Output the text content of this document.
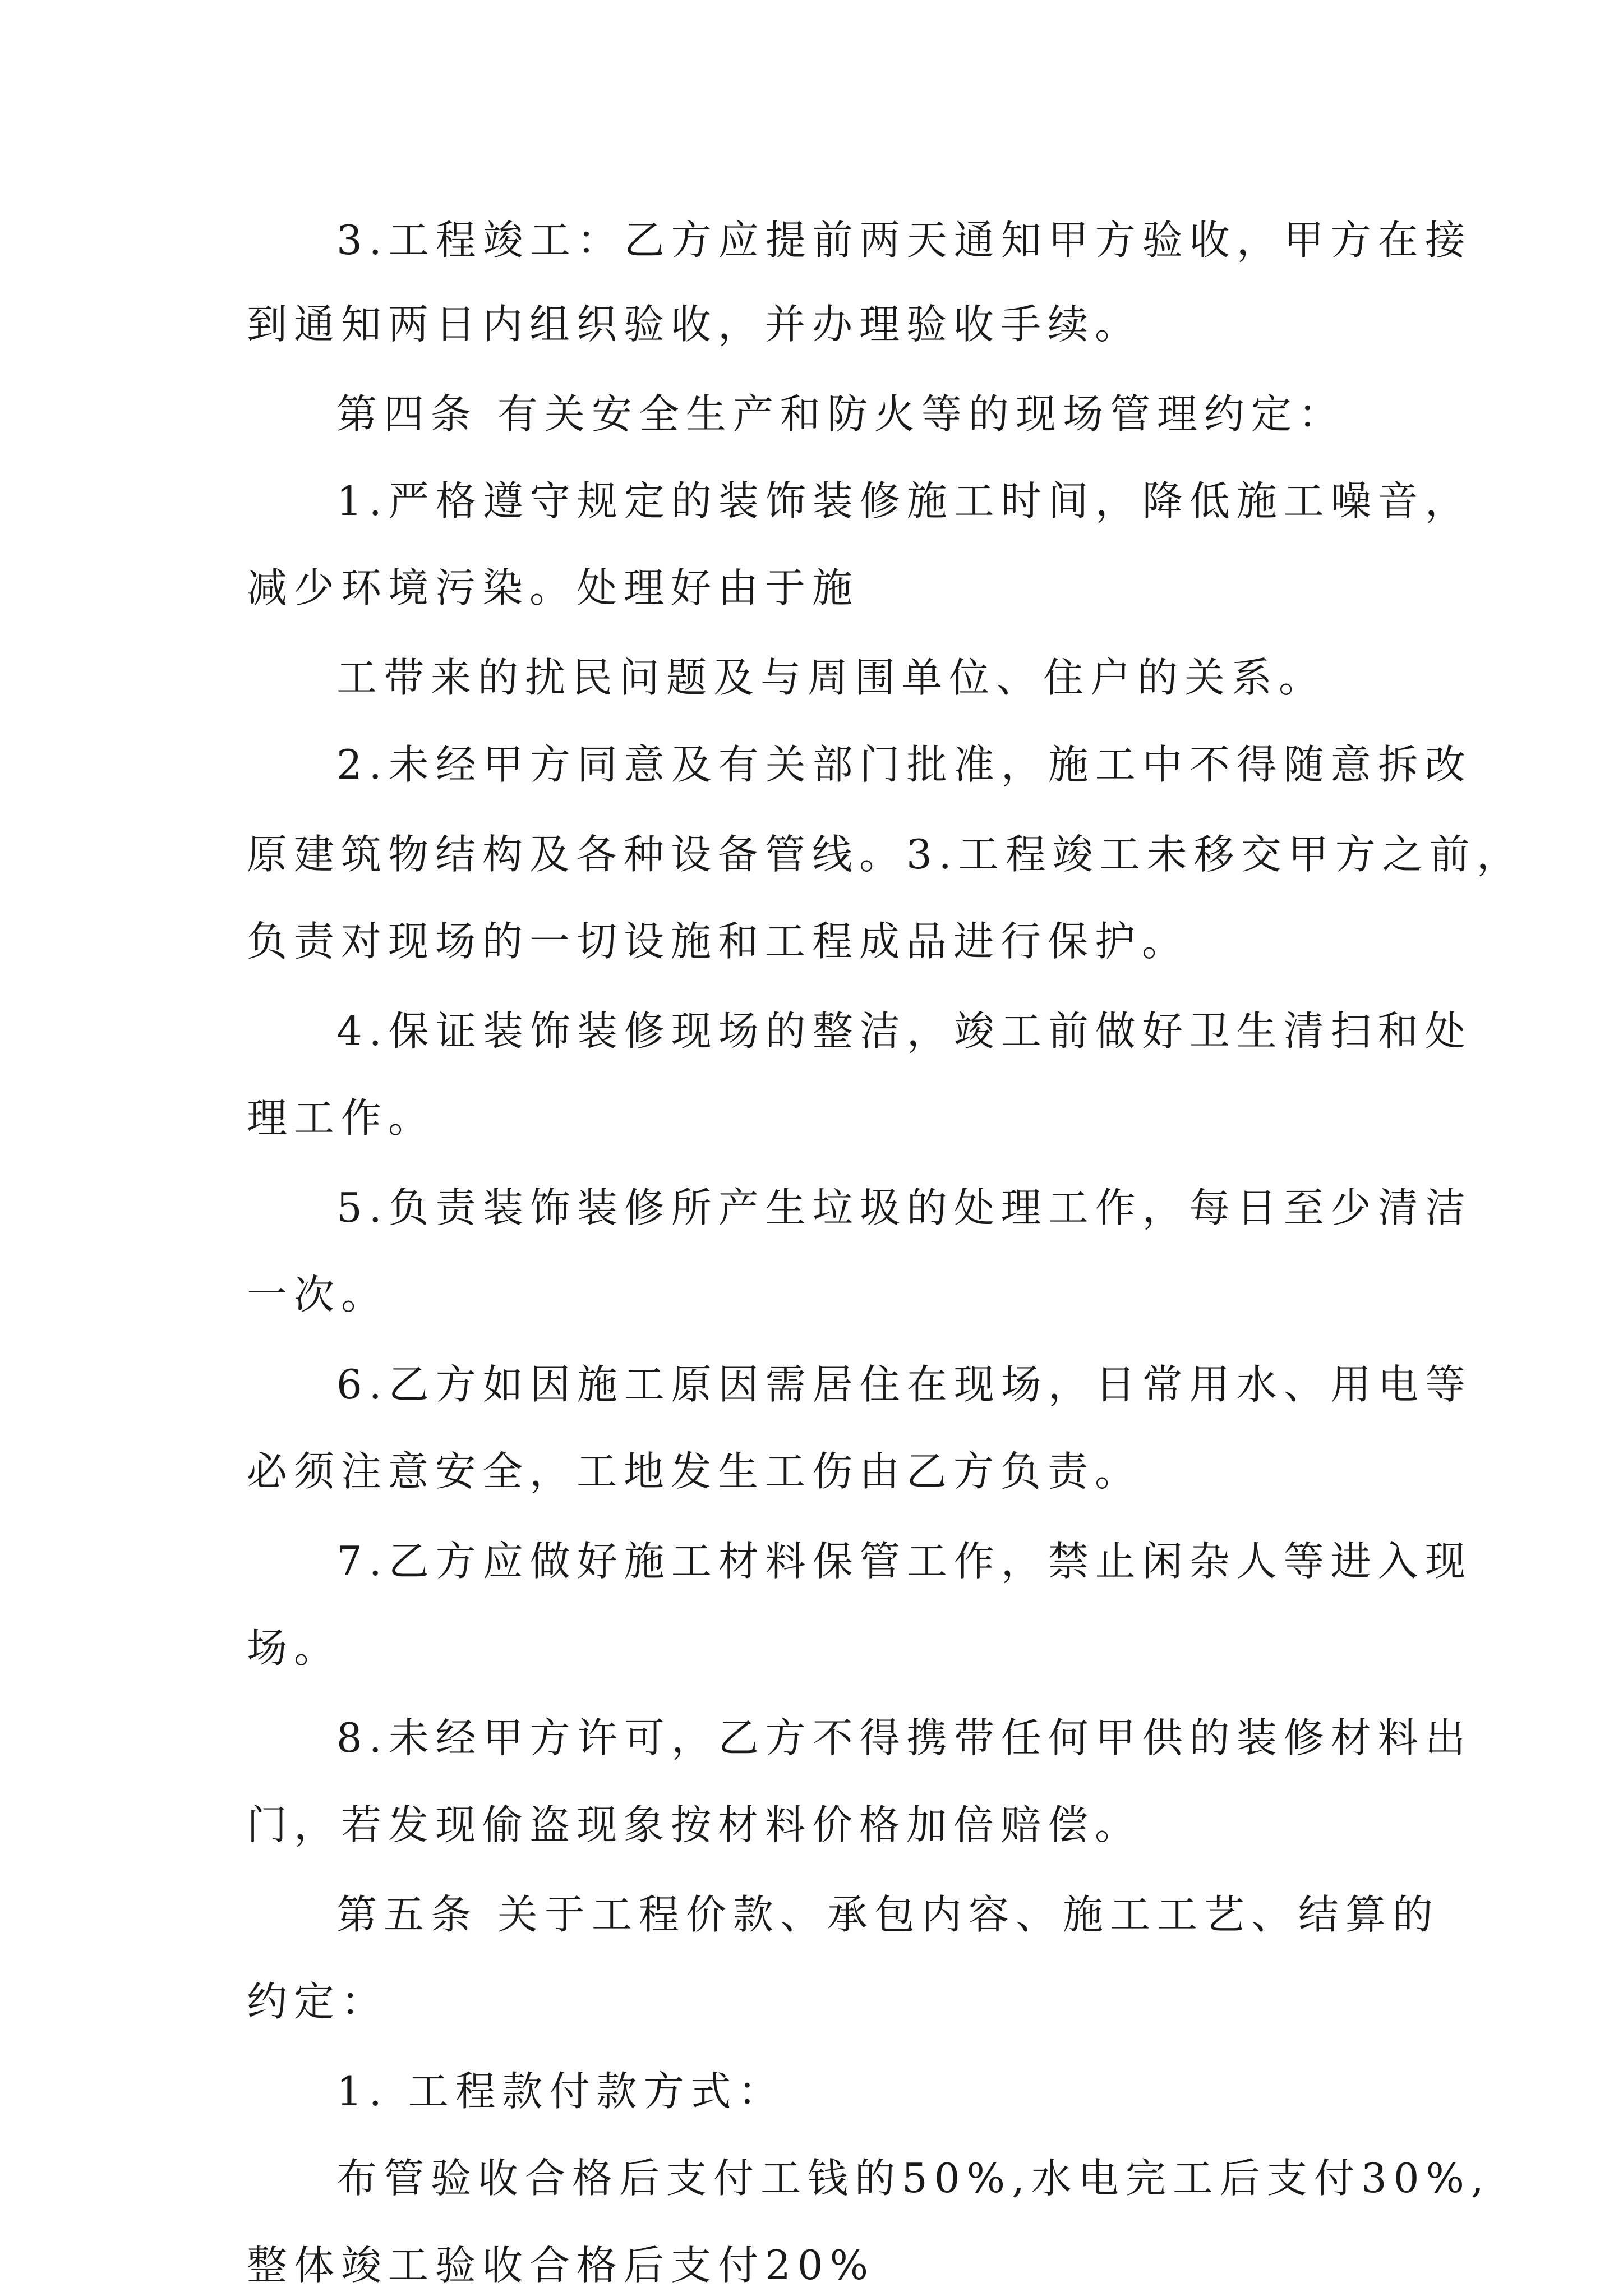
3.工程竣工：乙方应提前两天通知甲方验收，甲方在接

到通知两日内组织验收，并办理验收手续。

第四条 有关安全生产和防火等的现场管理约定：

1.严格遵守规定的装饰装修施工时间，降低施工噪音，

减少环境污染。处理好由于施

工带来的扰民问题及与周围单位、住户的关系。

2.未经甲方同意及有关部门批准，施工中不得随意拆改

原建筑物结构及各种设备管线。3.工程竣工未移交甲方之前，

负责对现场的一切设施和工程成品进行保护。

4.保证装饰装修现场的整洁，竣工前做好卫生清扫和处

理工作。

5.负责装饰装修所产生垃圾的处理工作，每日至少清洁

一次。

6.乙方如因施工原因需居住在现场，日常用水、用电等

必须注意安全，工地发生工伤由乙方负责。

7.乙方应做好施工材料保管工作，禁止闲杂人等进入现

场。

8.未经甲方许可，乙方不得携带任何甲供的装修材料出

门，若发现偷盗现象按材料价格加倍赔偿。

第五条 关于工程价款、承包内容、施工工艺、结算的

约定：

1. 工程款付款方式：

布管验收合格后支付工钱的50%,水电完工后支付30%,

整体竣工验收合格后支付20%
